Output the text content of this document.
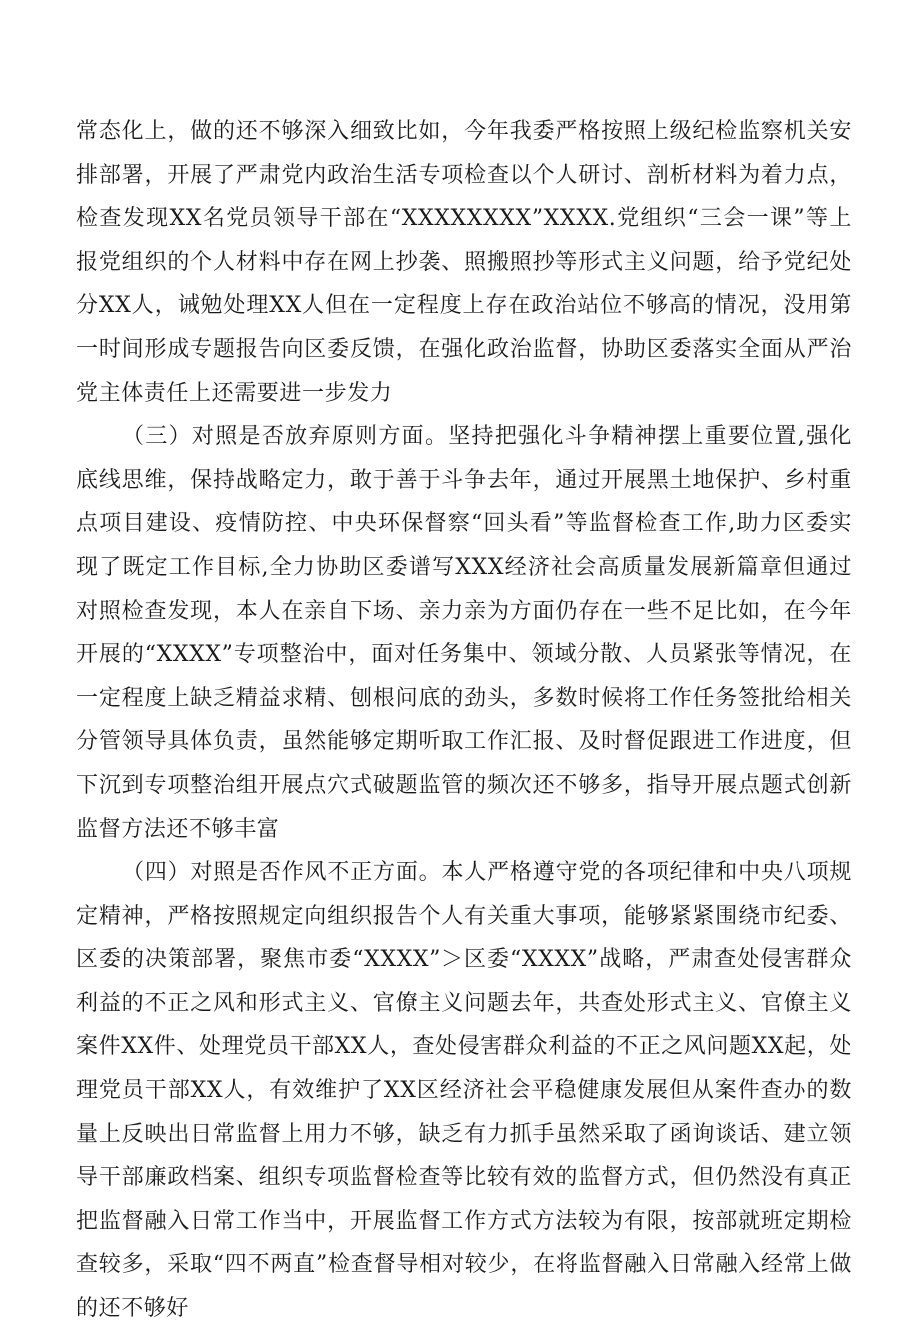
常态化上，做的还不够深入细致比如，今年我委严格按照上级纪检监察机关安排部署，开展了严肃党内政治生活专项检查以个人研讨、剖析材料为着力点，检查发现XX名党员领导干部在“XXXXXXXX”XXXX.党组织“三会一课”等上报党组织的个人材料中存在网上抄袭、照搬照抄等形式主义问题，给予党纪处分XX人，诫勉处理XX人但在一定程度上存在政治站位不够高的情况，没用第一时间形成专题报告向区委反馈，在强化政治监督，协助区委落实全面从严治党主体责任上还需要进一步发力

（三）对照是否放弃原则方面。坚持把强化斗争精神摆上重要位置,强化底线思维，保持战略定力，敢于善于斗争去年，通过开展黑土地保护、乡村重点项目建设、疫情防控、中央环保督察“回头看”等监督检查工作,助力区委实现了既定工作目标,全力协助区委谱写XXX经济社会高质量发展新篇章但通过对照检查发现，本人在亲自下场、亲力亲为方面仍存在一些不足比如，在今年开展的“XXXX”专项整治中，面对任务集中、领域分散、人员紧张等情况，在一定程度上缺乏精益求精、刨根问底的劲头，多数时候将工作任务签批给相关分管领导具体负责，虽然能够定期听取工作汇报、及时督促跟进工作进度，但下沉到专项整治组开展点穴式破题监管的频次还不够多，指导开展点题式创新监督方法还不够丰富

（四）对照是否作风不正方面。本人严格遵守党的各项纪律和中央八项规定精神，严格按照规定向组织报告个人有关重大事项，能够紧紧围绕市纪委、区委的决策部署，聚焦市委“XXXX”＞区委“XXXX”战略，严肃查处侵害群众利益的不正之风和形式主义、官僚主义问题去年，共查处形式主义、官僚主义案件XX件、处理党员干部XX人，查处侵害群众利益的不正之风问题XX起，处理党员干部XX人，有效维护了XX区经济社会平稳健康发展但从案件查办的数量上反映出日常监督上用力不够，缺乏有力抓手虽然采取了函询谈话、建立领导干部廉政档案、组织专项监督检查等比较有效的监督方式，但仍然没有真正把监督融入日常工作当中，开展监督工作方式方法较为有限，按部就班定期检查较多，采取“四不两直”检查督导相对较少，在将监督融入日常融入经常上做的还不够好
